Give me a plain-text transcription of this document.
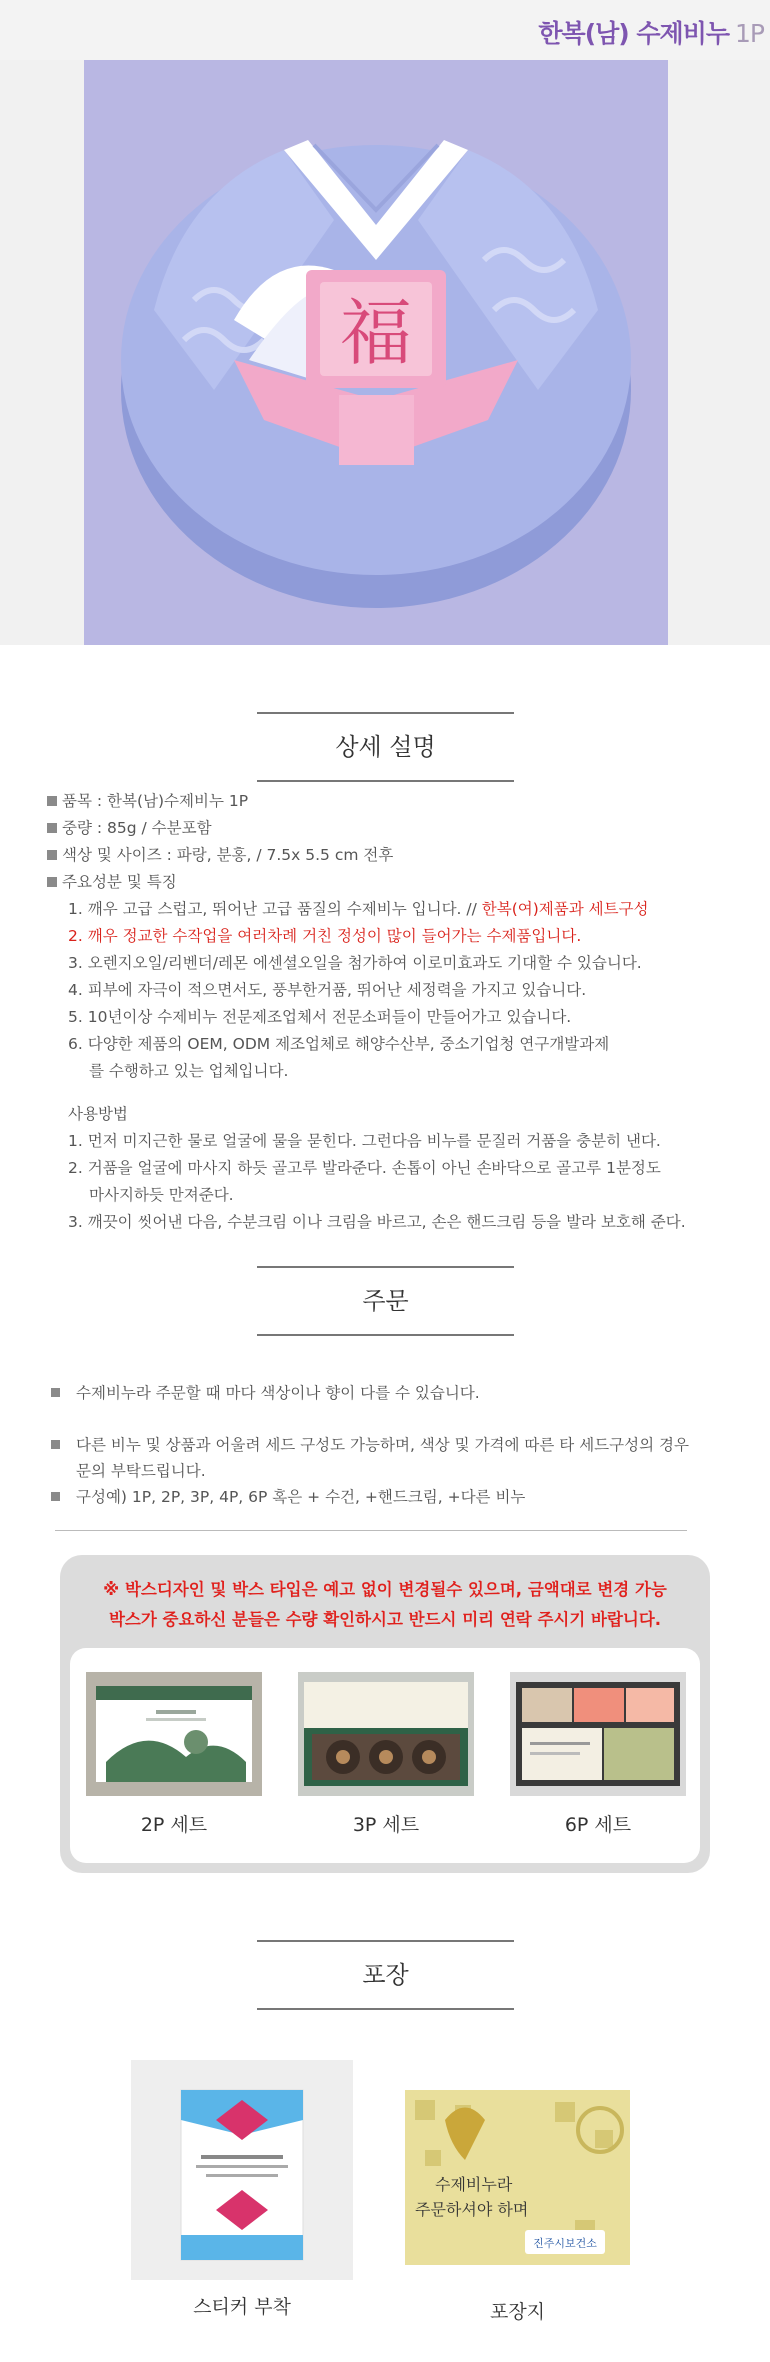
한복(남) 수제비누 1P
福
상세 설명
품목 : 한복(남)수제비누 1P
중량 : 85g / 수분포함
색상 및 사이즈 : 파랑, 분홍, / 7.5x 5.5 cm 전후
주요성분 및 특징
1. 깨우 고급 스럽고, 뛰어난 고급 품질의 수제비누 입니다. // 한복(여)제품과 세트구성
2. 깨우 정교한 수작업을 여러차례 거친 정성이 많이 들어가는 수제품입니다.
3. 오렌지오일/리벤더/레몬 에센셜오일을 첨가하여 이로미효과도 기대할 수 있습니다.
4. 피부에 자극이 적으면서도, 풍부한거품, 뛰어난 세정력을 가지고 있습니다.
5. 10년이상 수제비누 전문제조업체서 전문소퍼들이 만들어가고 있습니다.
6. 다양한 제품의 OEM, ODM 제조업체로 해양수산부, 중소기업청 연구개발과제
를 수행하고 있는 업체입니다.
사용방법
1. 먼저 미지근한 물로 얼굴에 물을 묻힌다. 그런다음 비누를 문질러 거품을 충분히 낸다.
2. 거품을 얼굴에 마사지 하듯 골고루 발라준다. 손톱이 아닌 손바닥으로 골고루 1분정도
마사지하듯 만져준다.
3. 깨끗이 씻어낸 다음, 수분크림 이나 크림을 바르고, 손은 핸드크림 등을 발라 보호해 준다.
주문
수제비누라 주문할 때 마다 색상이나 향이 다를 수 있습니다.
다른 비누 및 상품과 어울려 세드 구성도 가능하며, 색상 및 가격에 따른 타 세드구성의 경우
문의 부탁드립니다.
구성예) 1P, 2P, 3P, 4P, 6P 혹은 + 수건, +핸드크림, +다른 비누
※ 박스디자인 및 박스 타입은 예고 없이 변경될수 있으며, 금액대로 변경 가능
박스가 중요하신 분들은 수량 확인하시고 반드시 미리 연락 주시기 바랍니다.
2P 세트	3P 세트	6P 세트
포장
스티커 부착
수제비누라
주문하셔야 하며
진주시보건소
포장지
